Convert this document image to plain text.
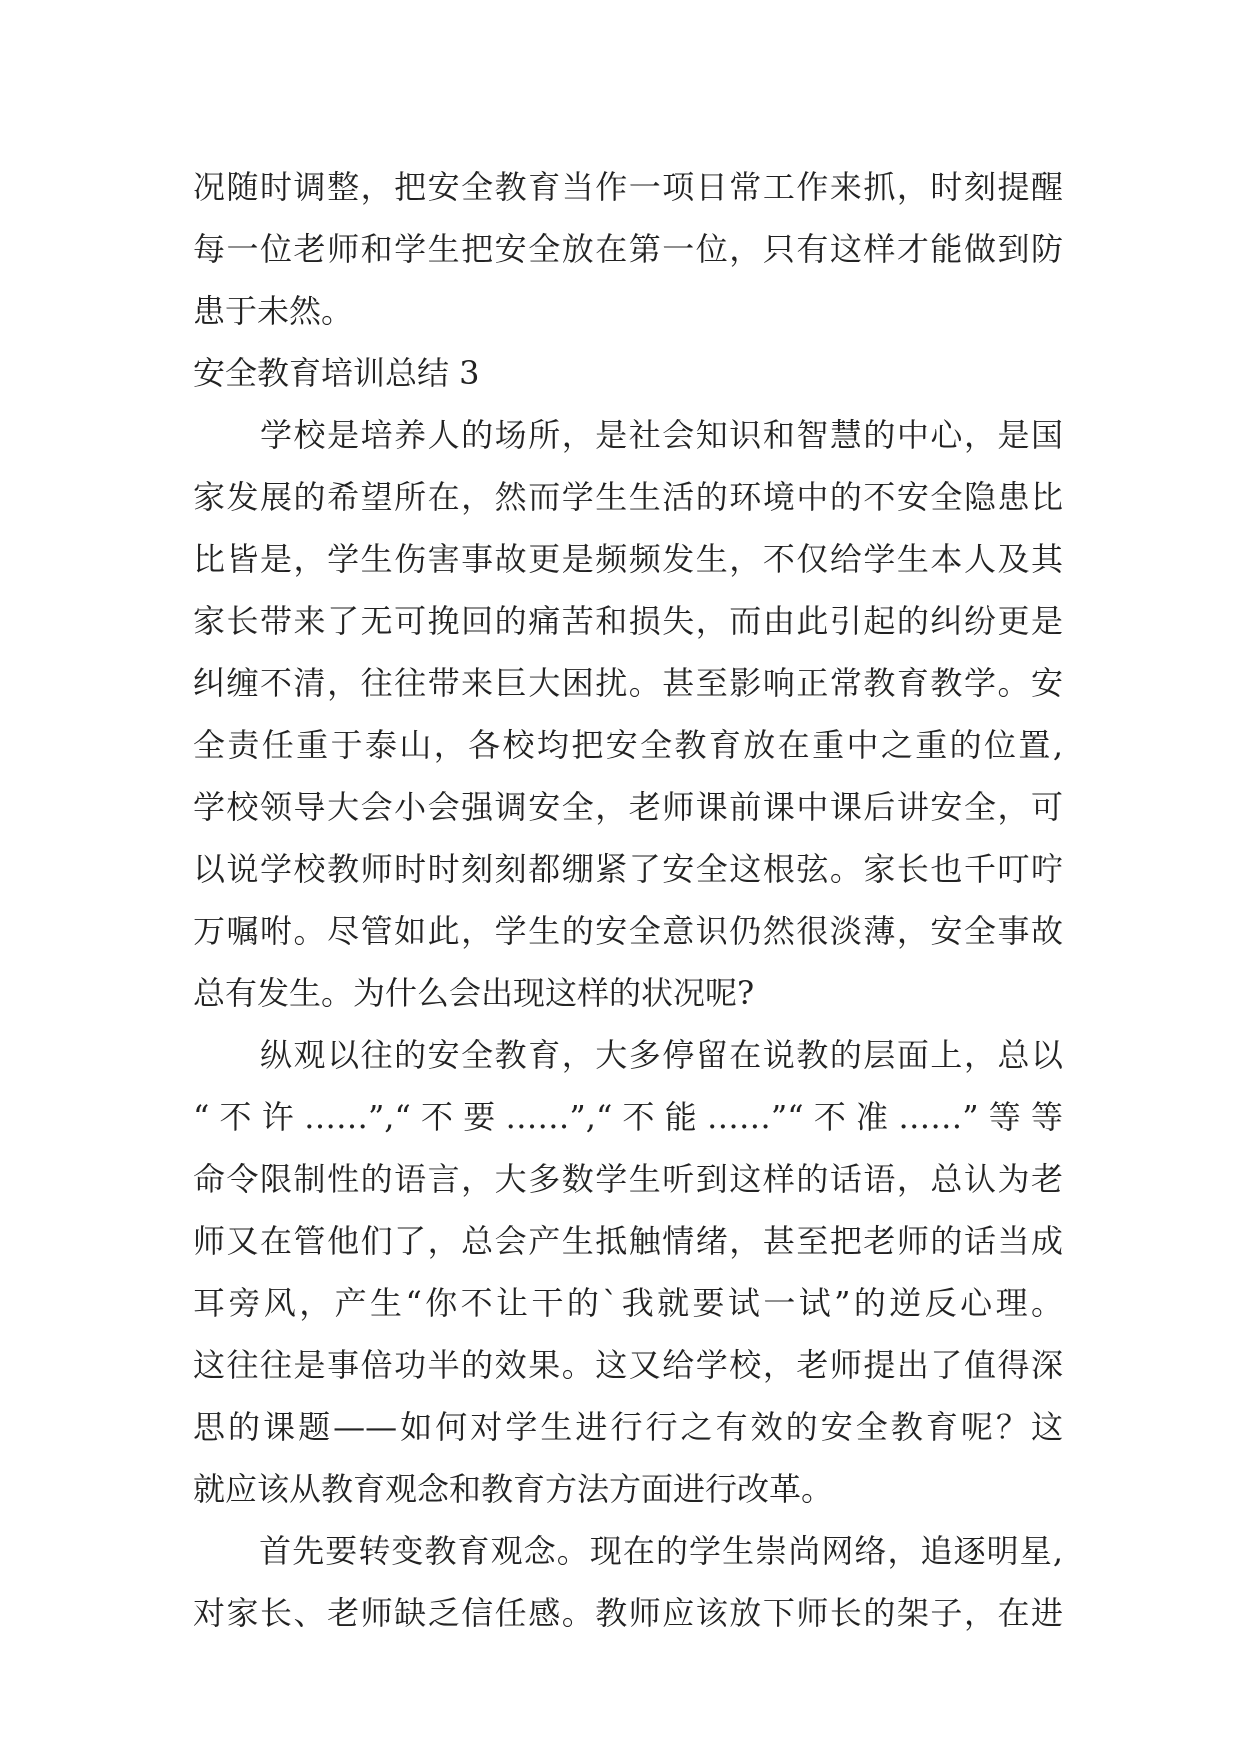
况随时调整，把安全教育当作一项日常工作来抓，时刻提醒
每一位老师和学生把安全放在第一位，只有这样才能做到防
患于未然。
安全教育培训总结 3
　　学校是培养人的场所，是社会知识和智慧的中心，是国
家发展的希望所在，然而学生生活的环境中的不安全隐患比
比皆是，学生伤害事故更是频频发生，不仅给学生本人及其
家长带来了无可挽回的痛苦和损失，而由此引起的纠纷更是
纠缠不清，往往带来巨大困扰。甚至影响正常教育教学。安
全责任重于泰山，各校均把安全教育放在重中之重的位置,
学校领导大会小会强调安全，老师课前课中课后讲安全，可
以说学校教师时时刻刻都绷紧了安全这根弦。家长也千叮咛
万嘱咐。尽管如此，学生的安全意识仍然很淡薄，安全事故
总有发生。为什么会出现这样的状况呢?
　　纵观以往的安全教育，大多停留在说教的层面上，总以
“不许……”,“不要……”,“不能……”“不准……”等等
命令限制性的语言，大多数学生听到这样的话语，总认为老
师又在管他们了，总会产生抵触情绪，甚至把老师的话当成
耳旁风，产生“你不让干的`我就要试一试”的逆反心理。
这往往是事倍功半的效果。这又给学校，老师提出了值得深
思的课题——如何对学生进行行之有效的安全教育呢？这
就应该从教育观念和教育方法方面进行改革。
　　首先要转变教育观念。现在的学生崇尚网络，追逐明星,
对家长、老师缺乏信任感。教师应该放下师长的架子，在进
